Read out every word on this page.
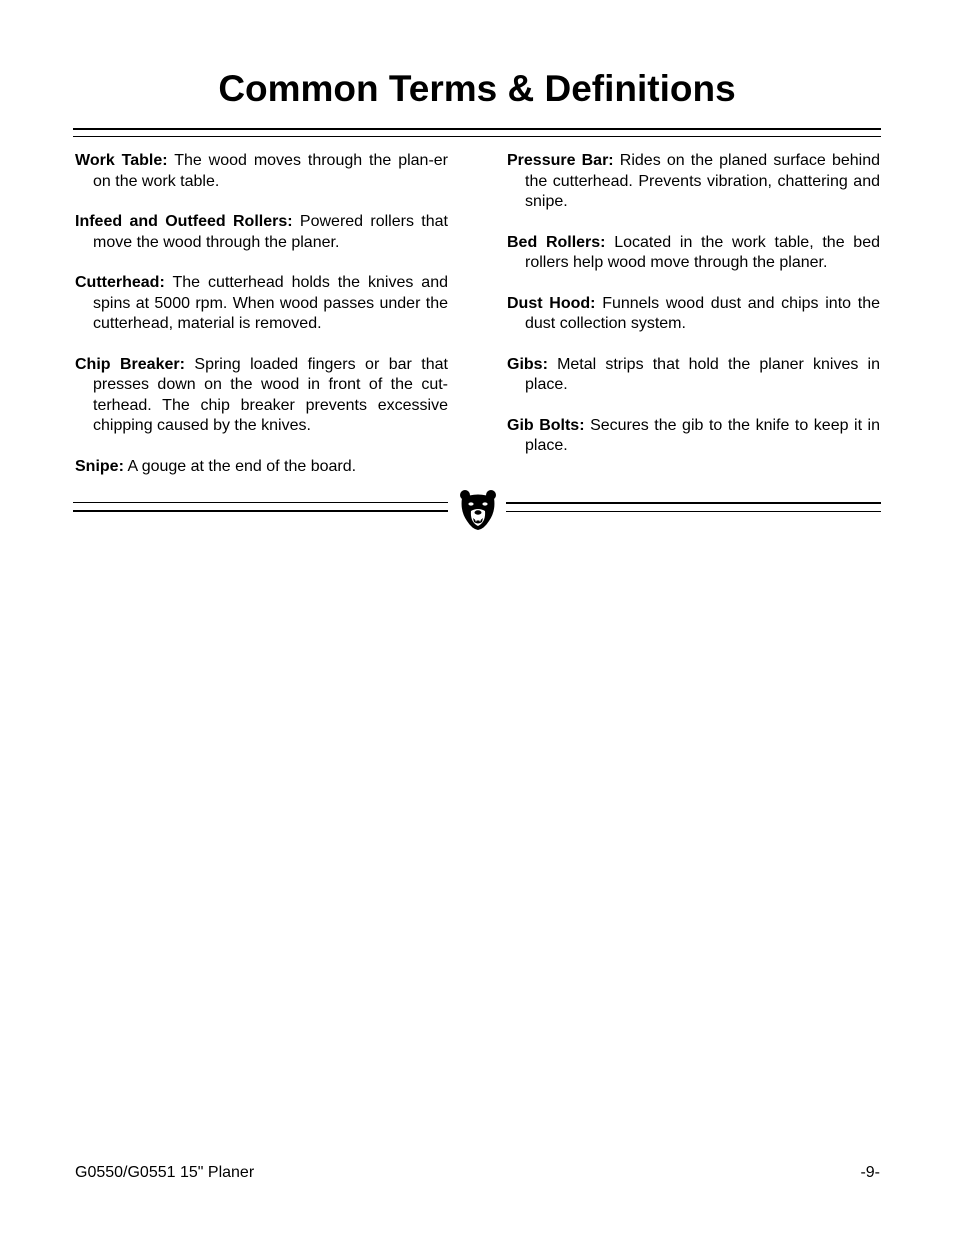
Common Terms & Definitions

Work Table: The wood moves through the plan-er on the work table.

Infeed and Outfeed Rollers: Powered rollers that move the wood through the planer.

Cutterhead: The cutterhead holds the knives and spins at 5000 rpm. When wood passes under the cutterhead, material is removed.

Chip Breaker: Spring loaded fingers or bar that presses down on the wood in front of the cut-terhead. The chip breaker prevents excessive chipping caused by the knives.

Snipe: A gouge at the end of the board.

Pressure Bar: Rides on the planed surface behind the cutterhead. Prevents vibration, chattering and snipe.

Bed Rollers: Located in the work table, the bed rollers help wood move through the planer.

Dust Hood: Funnels wood dust and chips into the dust collection system.

Gibs: Metal strips that hold the planer knives in place.

Gib Bolts: Secures the gib to the knife to keep it in place.

G0550/G0551 15" Planer	-9-
